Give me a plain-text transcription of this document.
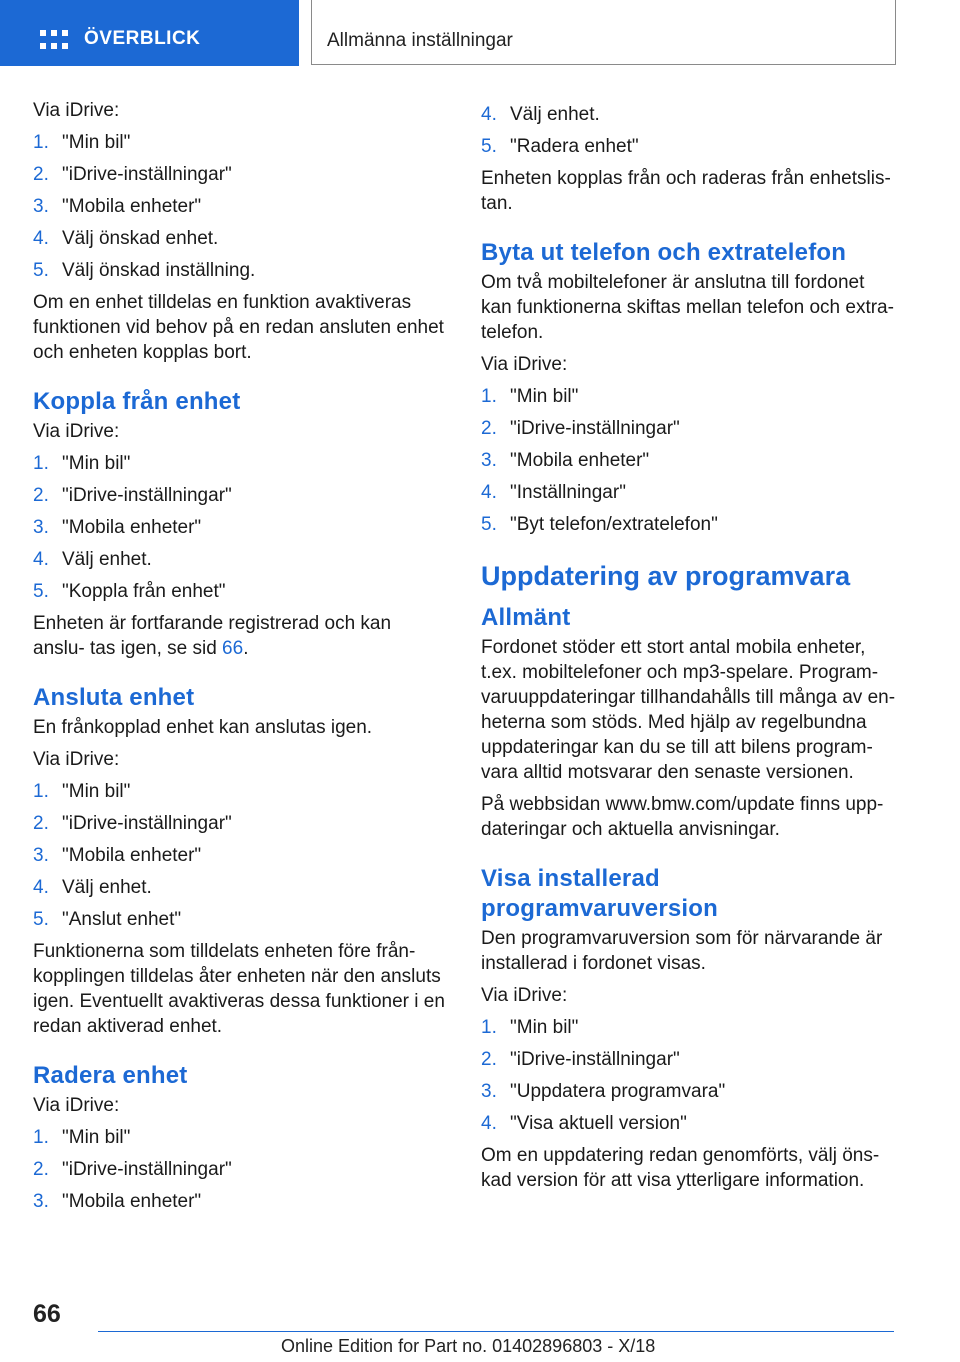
ÖVERBLICK	Allmänna inställningar

Via iDrive:

1. "Min bil"
2. "iDrive-inställningar"
3. "Mobila enheter"
4. Välj önskad enhet.
5. Välj önskad inställning.

Om en enhet tilldelas en funktion avaktiveras funktionen vid behov på en redan ansluten enhet och enheten kopplas bort.

Koppla från enhet

Via iDrive:

1. "Min bil"
2. "iDrive-inställningar"
3. "Mobila enheter"
4. Välj enhet.
5. "Koppla från enhet"

Enheten är fortfarande registrerad och kan anslu‐ tas igen, se sid 66.

Ansluta enhet

En frånkopplad enhet kan anslutas igen.

Via iDrive:

1. "Min bil"
2. "iDrive-inställningar"
3. "Mobila enheter"
4. Välj enhet.
5. "Anslut enhet"

Funktionerna som tilldelats enheten före från‐ kopplingen tilldelas åter enheten när den ansluts igen. Eventuellt avaktiveras dessa funktioner i en redan aktiverad enhet.

Radera enhet

Via iDrive:

1. "Min bil"
2. "iDrive-inställningar"
3. "Mobila enheter"
4. Välj enhet.
5. "Radera enhet"

Enheten kopplas från och raderas från enhetslis‐ tan.

Byta ut telefon och extratelefon

Om två mobiltelefoner är anslutna till fordonet kan funktionerna skiftas mellan telefon och extra‐ telefon.

Via iDrive:

1. "Min bil"
2. "iDrive-inställningar"
3. "Mobila enheter"
4. "Inställningar"
5. "Byt telefon/extratelefon"
Uppdatering av programvara
Allmänt

Fordonet stöder ett stort antal mobila enheter, t.ex. mobiltelefoner och mp3-spelare. Program‐ varuuppdateringar tillhandahålls till många av en‐ heterna som stöds. Med hjälp av regelbundna uppdateringar kan du se till att bilens program‐ vara alltid motsvarar den senaste versionen.

På webbsidan www.bmw.com/update finns upp‐ dateringar och aktuella anvisningar.

Visa installerad programvaruversion

Den programvaruversion som för närvarande är installerad i fordonet visas.

Via iDrive:

1. "Min bil"
2. "iDrive-inställningar"
3. "Uppdatera programvara"
4. "Visa aktuell version"

Om en uppdatering redan genomförts, välj öns‐ kad version för att visa ytterligare information.

66
Online Edition for Part no. 01402896803 - X/18
